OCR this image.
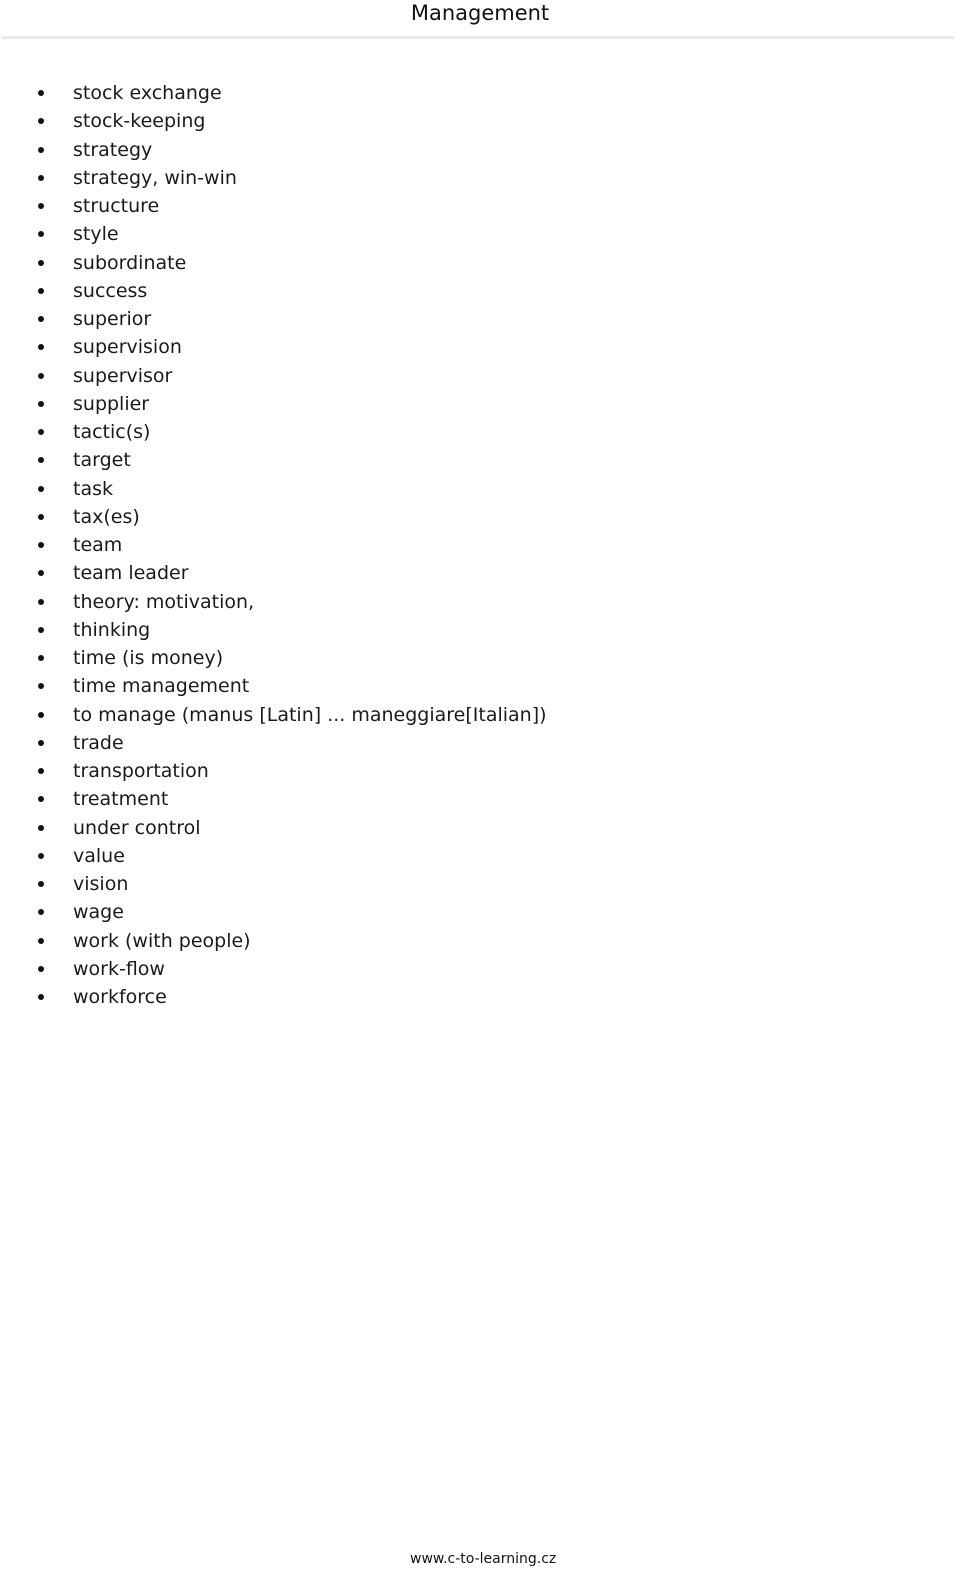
Management
stock exchange
stock-keeping
strategy
strategy, win-win
structure
style
subordinate
success
superior
supervision
supervisor
supplier
tactic(s)
target
task
tax(es)
team
team leader
theory: motivation,
thinking
time (is money)
time management
to manage (manus [Latin] ... maneggiare[Italian])
trade
transportation
treatment
under control
value
vision
wage
work (with people)
work-flow
workforce
www.c-to-learning.cz
